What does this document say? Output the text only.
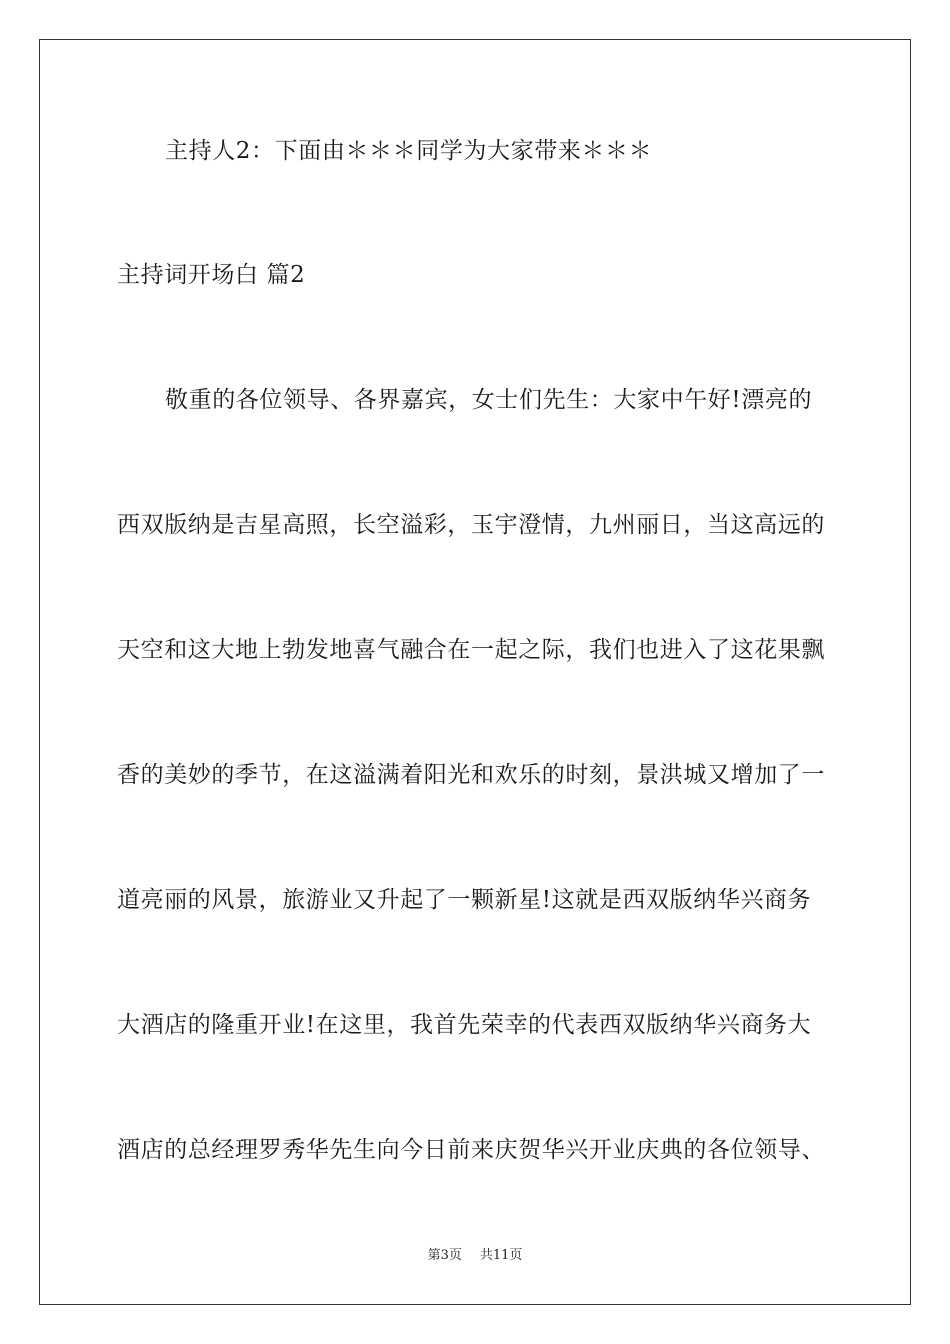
主持人2：下面由＊＊＊同学为大家带来＊＊＊
主持词开场白 篇2
敬重的各位领导、各界嘉宾，女士们先生：大家中午好!漂亮的
西双版纳是吉星高照，长空溢彩，玉宇澄情，九州丽日，当这高远的
天空和这大地上勃发地喜气融合在一起之际，我们也进入了这花果飘
香的美妙的季节，在这溢满着阳光和欢乐的时刻，景洪城又增加了一
道亮丽的风景，旅游业又升起了一颗新星!这就是西双版纳华兴商务
大酒店的隆重开业!在这里，我首先荣幸的代表西双版纳华兴商务大
酒店的总经理罗秀华先生向今日前来庆贺华兴开业庆典的各位领导、
第3页 共11页
